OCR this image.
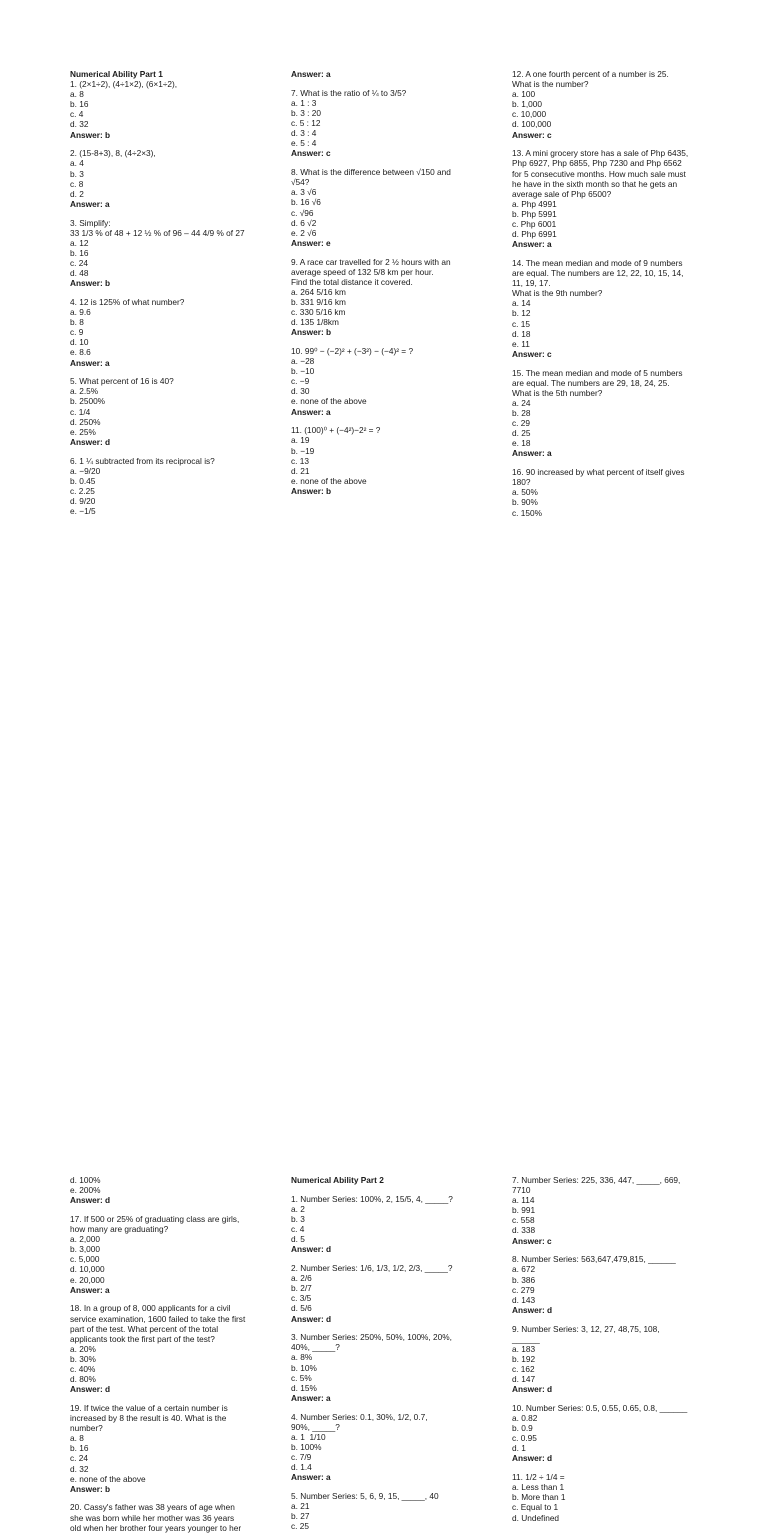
Numerical Ability Part 1
1. (2×1÷2), (4÷1×2), (6×1÷2),
a. 8
b. 16
c. 4
d. 32
Answer: b
2. (15-8+3), 8, (4÷2×3),
a. 4
b. 3
c. 8
d. 2
Answer: a
3. Simplify:
33 1/3 % of 48 + 12 ½ % of 96 – 44 4/9 % of 27
a. 12
b. 16
c. 24
d. 48
Answer: b
4. 12 is 125% of what number?
a. 9.6
b. 8
c. 9
d. 10
e. 8.6
Answer: a
5. What percent of 16 is 40?
a. 2.5%
b. 2500%
c. 1/4
d. 250%
e. 25%
Answer: d
6. 1 ¼ subtracted from its reciprocal is?
a. −9/20
b. 0.45
c. 2.25
d. 9/20
e. −1/5
Answer: a
7. What is the ratio of ¼ to 3/5?
a. 1 : 3
b. 3 : 20
c. 5 : 12
d. 3 : 4
e. 5 : 4
Answer: c
8. What is the difference between √150 and
√54?
a. 3 √6
b. 16 √6
c. √96
d. 6 √2
e. 2 √6
Answer: e
9. A race car travelled for 2 ½ hours with an
average speed of 132 5/8 km per hour.
Find the total distance it covered.
a. 264 5/16 km
b. 331 9/16 km
c. 330 5/16 km
d. 135 1/8km
Answer: b
10. 99⁰ − (−2)² + (−3²) − (−4)² = ?
a. −28
b. −10
c. −9
d. 30
e. none of the above
Answer: a
11. (100)⁰ + (−4²)−2² = ?
a. 19
b. −19
c. 13
d. 21
e. none of the above
Answer: b
12. A one fourth percent of a number is 25.
What is the number?
a. 100
b. 1,000
c. 10,000
d. 100,000
Answer: c
13. A mini grocery store has a sale of Php 6435,
Php 6927, Php 6855, Php 7230 and Php 6562
for 5 consecutive months. How much sale must
he have in the sixth month so that he gets an
average sale of Php 6500?
a. Php 4991
b. Php 5991
c. Php 6001
d. Php 6991
Answer: a
14. The mean median and mode of 9 numbers
are equal. The numbers are 12, 22, 10, 15, 14,
11, 19, 17.
What is the 9th number?
a. 14
b. 12
c. 15
d. 18
e. 11
Answer: c
15. The mean median and mode of 5 numbers
are equal. The numbers are 29, 18, 24, 25.
What is the 5th number?
a. 24
b. 28
c. 29
d. 25
e. 18
Answer: a
16. 90 increased by what percent of itself gives
180?
a. 50%
b. 90%
c. 150%
d. 100%
e. 200%
Answer: d
17. If 500 or 25% of graduating class are girls,
how many are graduating?
a. 2,000
b. 3,000
c. 5,000
d. 10,000
e. 20,000
Answer: a
18. In a group of 8, 000 applicants for a civil
service examination, 1600 failed to take the first
part of the test. What percent of the total
applicants took the first part of the test?
a. 20%
b. 30%
c. 40%
d. 80%
Answer: d
19. If twice the value of a certain number is
increased by 8 the result is 40. What is the
number?
a. 8
b. 16
c. 24
d. 32
e. none of the above
Answer: b
20. Cassy's father was 38 years of age when
she was born while her mother was 36 years
old when her brother four years younger to her
Numerical Ability Part 2
1. Number Series: 100%, 2, 15/5, 4, _____?
a. 2
b. 3
c. 4
d. 5
Answer: d
2. Number Series: 1/6, 1/3, 1/2, 2/3, _____?
a. 2/6
b. 2/7
c. 3/5
d. 5/6
Answer: d
3. Number Series: 250%, 50%, 100%, 20%,
40%, _____?
a. 8%
b. 10%
c. 5%
d. 15%
Answer: a
4. Number Series: 0.1, 30%, 1/2, 0.7,
90%, _____?
a. 1  1/10
b. 100%
c. 7/9
d. 1.4
Answer: a
5. Number Series: 5, 6, 9, 15, _____, 40
a. 21
b. 27
c. 25
7. Number Series: 225, 336, 447, _____, 669,
7710
a. 114
b. 991
c. 558
d. 338
Answer: c
8. Number Series: 563,647,479,815, ______
a. 672
b. 386
c. 279
d. 143
Answer: d
9. Number Series: 3, 12, 27, 48,75, 108,
______
a. 183
b. 192
c. 162
d. 147
Answer: d
10. Number Series: 0.5, 0.55, 0.65, 0.8, ______
a. 0.82
b. 0.9
c. 0.95
d. 1
Answer: d
11. 1/2 ÷ 1/4 =
a. Less than 1
b. More than 1
c. Equal to 1
d. Undefined
